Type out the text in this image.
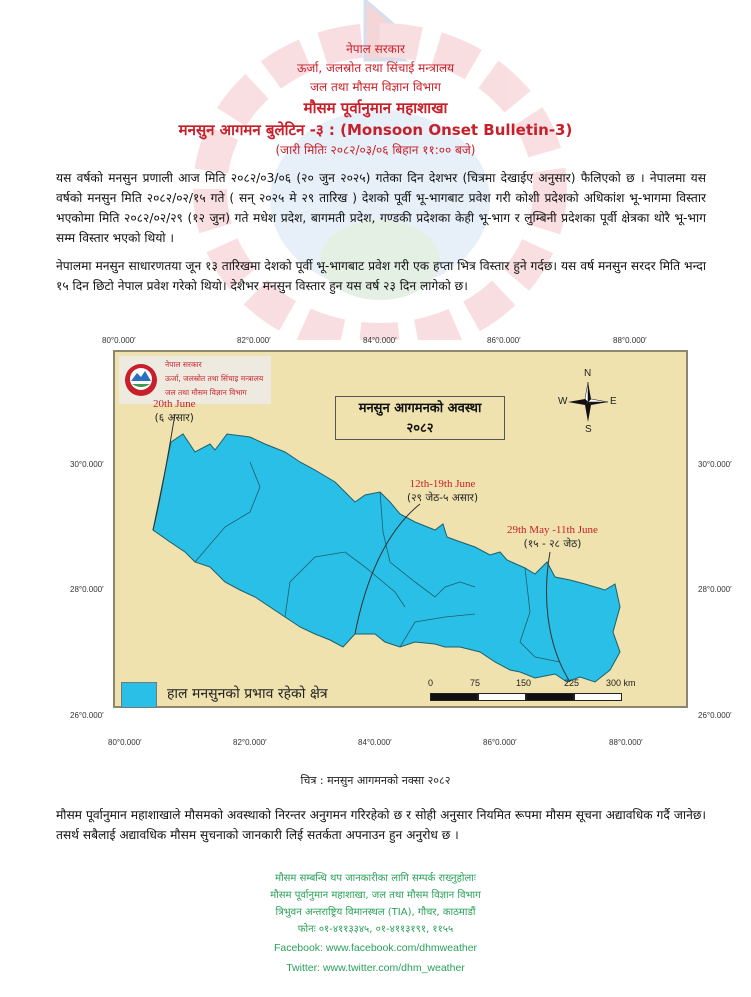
नेपाल सरकार
ऊर्जा, जलस्रोत तथा सिंचाई मन्त्रालय
जल तथा मौसम विज्ञान विभाग
मौसम पूर्वानुमान महाशाखा
मनसुन आगमन बुलेटिन -३ : (Monsoon Onset Bulletin-3)
(जारी मितिः २०८२/०३/०६ बिहान ११:०० बजे)

यस वर्षको मनसुन प्रणाली आज मिति २०८२/०3/०६ (२० जुन २०२५) गतेका दिन देशभर (चित्रमा देखाईए अनुसार) फैलिएको छ । नेपालमा यस वर्षको मनसुन मिति २०८२/०२/१५ गते ( सन् २०२५ मे २९ तारिख ) देशको पूर्वी भू-भागबाट प्रवेश गरी कोशी प्रदेशको अधिकांश भू-भागमा विस्तार भएकोमा मिति २०८२/०२/२९ (१२ जुन) गते मधेश प्रदेश, बागमती प्रदेश, गण्डकी प्रदेशका केही भू-भाग र लुम्बिनी प्रदेशका पूर्वी क्षेत्रका थोरै भू-भाग सम्म विस्तार भएको थियो ।

नेपालमा मनसुन साधारणतया जून १३ तारिखमा देशको पूर्वी भू-भागबाट प्रवेश गरी एक हप्ता भित्र विस्तार हुने गर्दछ। यस वर्ष मनसुन सरदर मिति भन्दा १५ दिन छिटो नेपाल प्रवेश गरेको थियो। देशैभर मनसुन विस्तार हुन यस वर्ष २३ दिन लागेको छ।

80°0.000′	82°0.000′	84°0.000′	86°0.000′	88°0.000′
80°0.000′	82°0.000′	84°0.000′	86°0.000′	88°0.000′
30°0.000′
28°0.000′
26°0.000′
30°0.000′
28°0.000′
26°0.000′
नेपाल सरकार
ऊर्जा, जलस्रोत तथा सिंचाइ मन्त्रालय
जल तथा मौसम विज्ञान विभाग
मनसुन आगमनको अवस्था
२०८२
N
S
W	E
20th June
(६ असार)
12th-19th June
(२९ जेठ-५ असार)
29th May -11th June
(१५ - २८ जेठ)
हाल मनसुनको प्रभाव रहेको क्षेत्र
0	75	150	225	300 km
चित्र : मनसुन आगमनको नक्सा २०८२

मौसम पूर्वानुमान महाशाखाले मौसमको अवस्थाको निरन्तर अनुगमन गरिरहेको छ र सोही अनुसार नियमित रूपमा मौसम सूचना अद्यावधिक गर्दै जानेछ। तसर्थ सबैलाई अद्यावधिक मौसम सुचनाको जानकारी लिई सतर्कता अपनाउन हुन अनुरोध छ ।

मौसम सम्बन्धि थप जानकारीका लागि सम्पर्क राख्नुहोलाः
मौसम पूर्वानुमान महाशाखा, जल तथा मौसम विज्ञान विभाग
त्रिभुवन अन्तराष्ट्रिय विमानस्थल (TIA), गौचर, काठमाडौं
फोनः ०१-४११३३४५, ०१-४११३१९१, ११५५
Facebook: www.facebook.com/dhmweather
Twitter: www.twitter.com/dhm_weather
